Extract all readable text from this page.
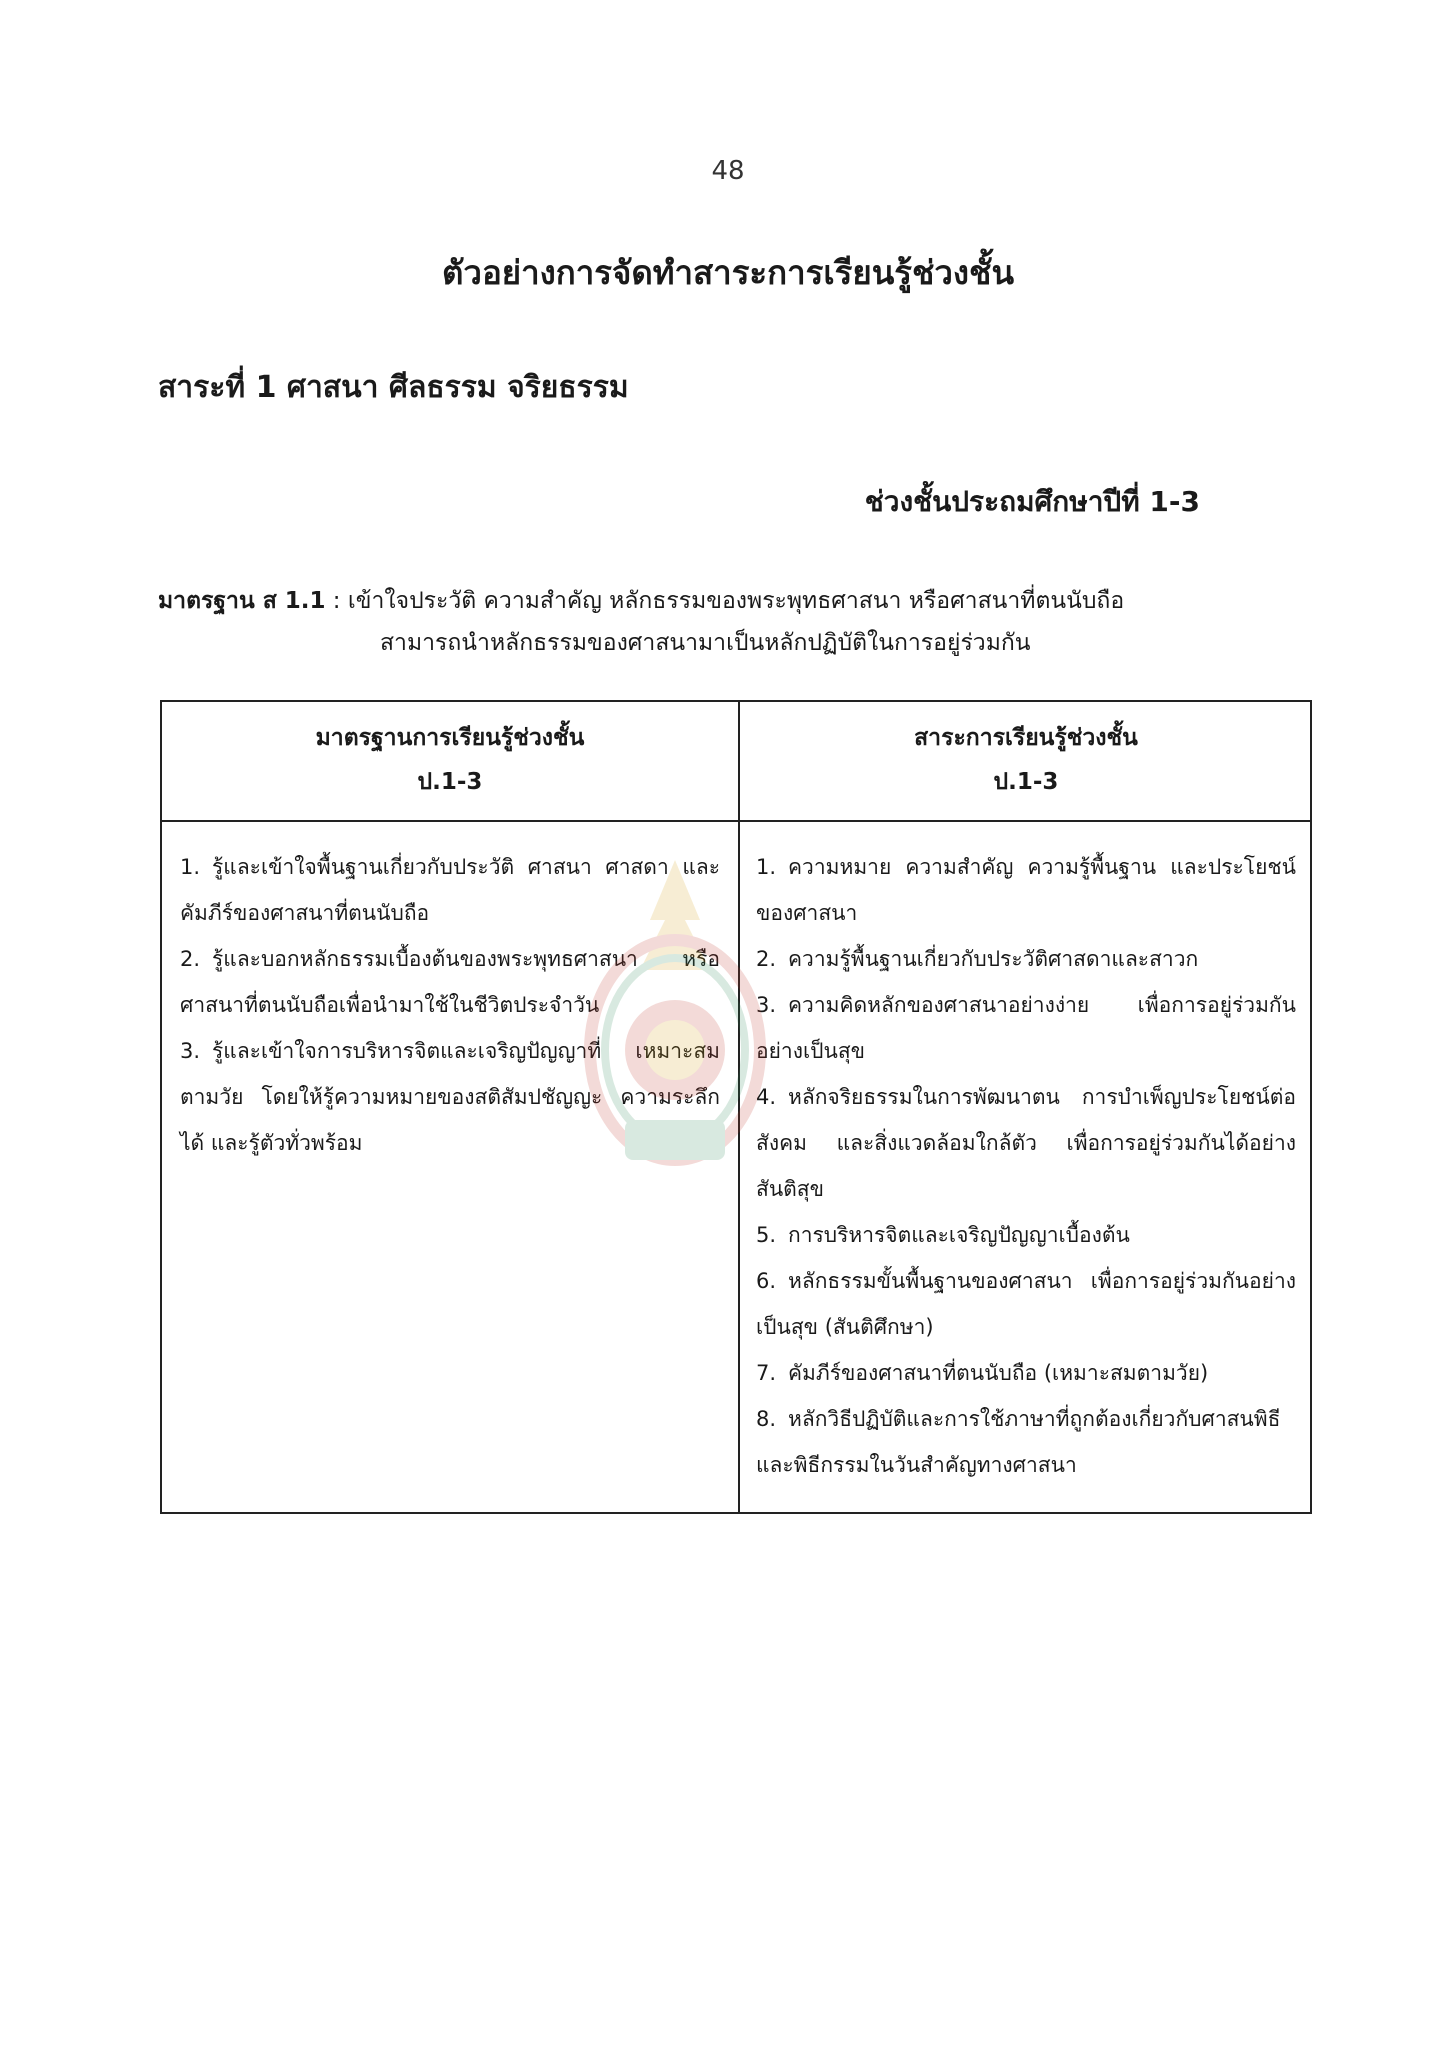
48
ตัวอย่างการจัดทำสาระการเรียนรู้ช่วงชั้น
สาระที่ 1 ศาสนา ศีลธรรม จริยธรรม
ช่วงชั้นประถมศึกษาปีที่ 1-3
มาตรฐาน ส 1.1 : เข้าใจประวัติ ความสำคัญ หลักธรรมของพระพุทธศาสนา หรือศาสนาที่ตนนับถือ
สามารถนำหลักธรรมของศาสนามาเป็นหลักปฏิบัติในการอยู่ร่วมกัน
มาตรฐานการเรียนรู้ช่วงชั้น
ป.1-3
สาระการเรียนรู้ช่วงชั้น
ป.1-3

1. รู้และเข้าใจพื้นฐานเกี่ยวกับประวัติ ศาสนา ศาสดา และคัมภีร์ของศาสนาที่ตนนับถือ

2. รู้และบอกหลักธรรมเบื้องต้นของพระพุทธศาสนา หรือศาสนาที่ตนนับถือเพื่อนำมาใช้ในชีวิตประจำวัน

3. รู้และเข้าใจการบริหารจิตและเจริญปัญญาที่ เหมาะสมตามวัย โดยให้รู้ความหมายของสติสัมปชัญญะ ความระลึกได้ และรู้ตัวทั่วพร้อม

1. ความหมาย ความสำคัญ ความรู้พื้นฐาน และประโยชน์ของศาสนา

2. ความรู้พื้นฐานเกี่ยวกับประวัติศาสดาและสาวก

3. ความคิดหลักของศาสนาอย่างง่าย เพื่อการอยู่ร่วมกันอย่างเป็นสุข

4. หลักจริยธรรมในการพัฒนาตน การบำเพ็ญประโยชน์ต่อสังคม และสิ่งแวดล้อมใกล้ตัว เพื่อการอยู่ร่วมกันได้อย่างสันติสุข

5. การบริหารจิตและเจริญปัญญาเบื้องต้น

6. หลักธรรมขั้นพื้นฐานของศาสนา เพื่อการอยู่ร่วมกันอย่างเป็นสุข (สันติศึกษา)

7. คัมภีร์ของศาสนาที่ตนนับถือ (เหมาะสมตามวัย)

8. หลักวิธีปฏิบัติและการใช้ภาษาที่ถูกต้องเกี่ยวกับศาสนพิธีและพิธีกรรมในวันสำคัญทางศาสนา
